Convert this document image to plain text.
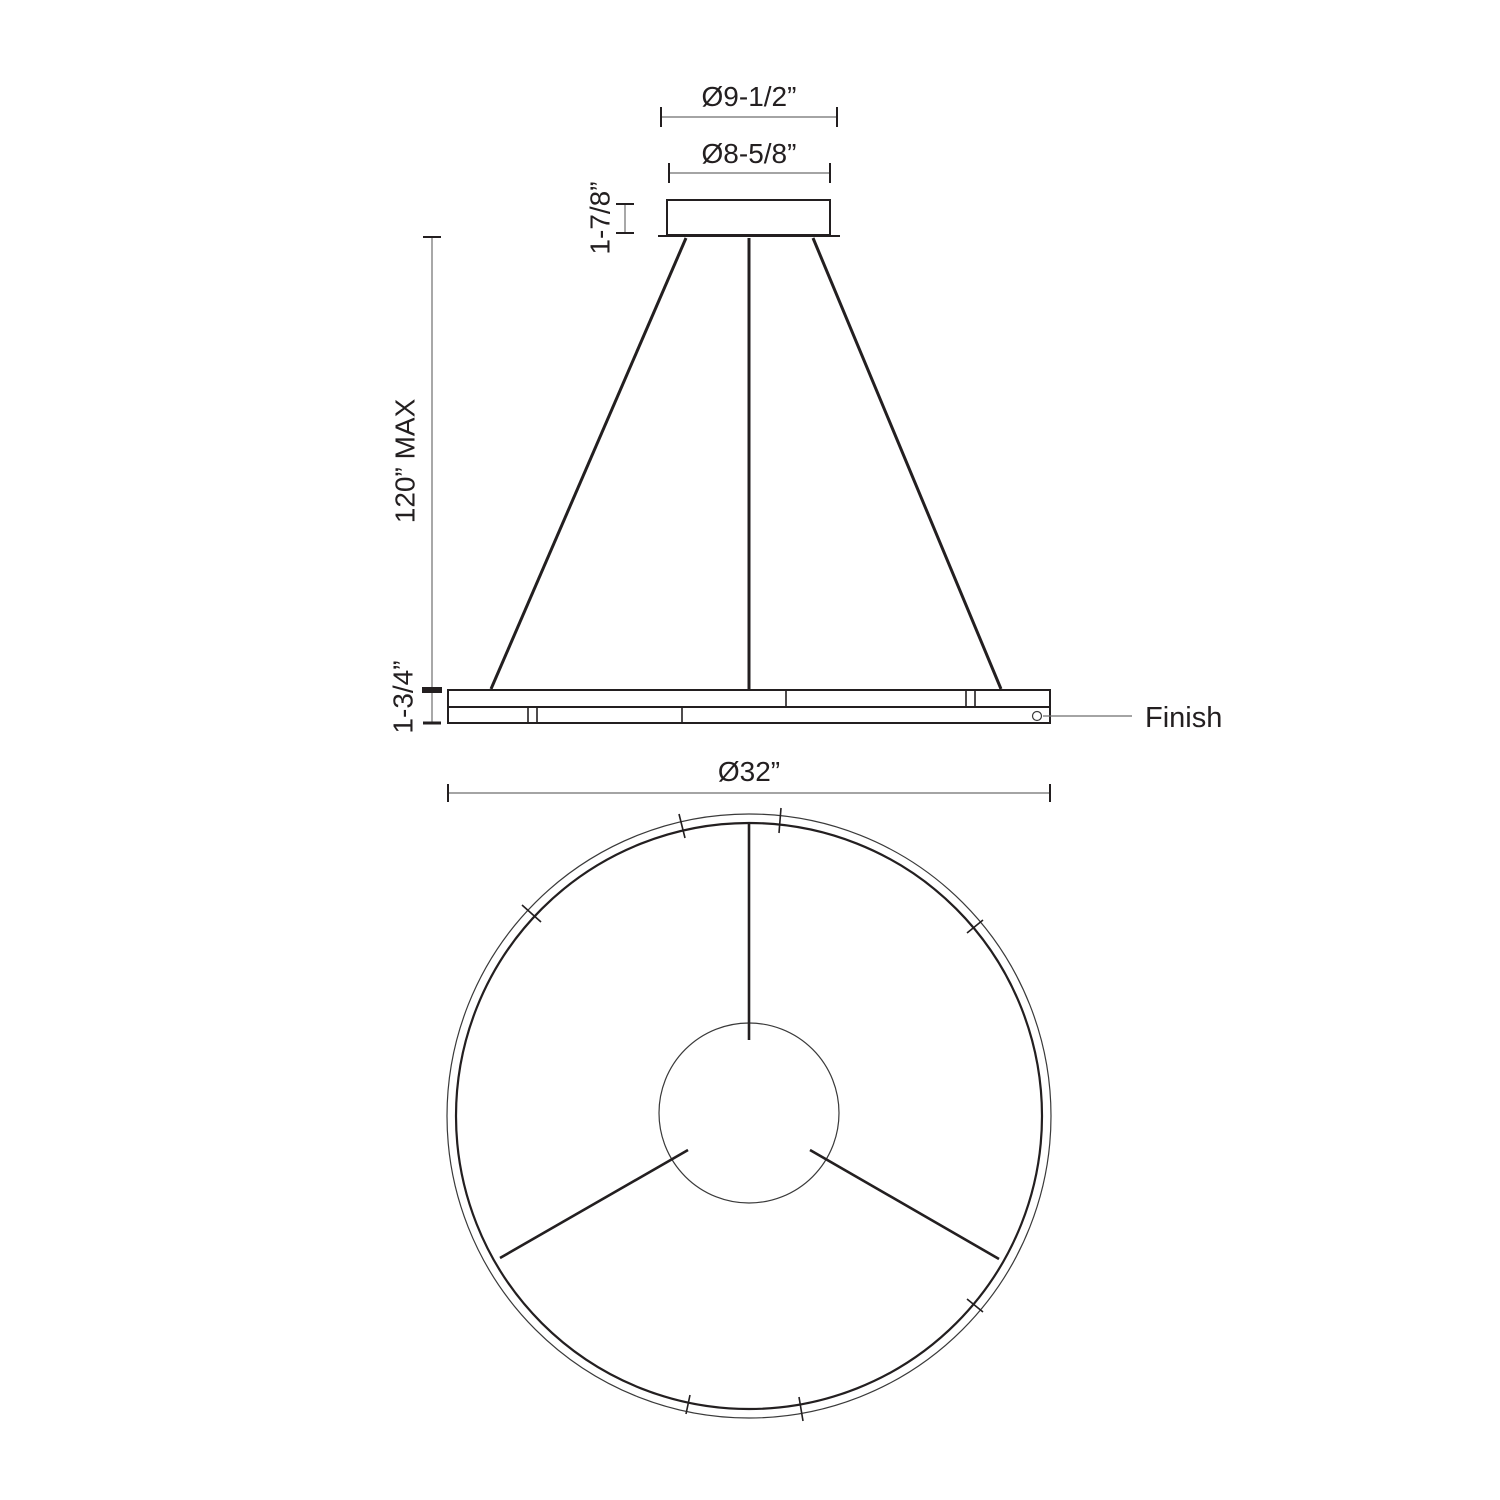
Ø9-1/2”
Ø8-5/8”
1-7/8”
120” MAX
1-3/4”	Finish
Ø32”
